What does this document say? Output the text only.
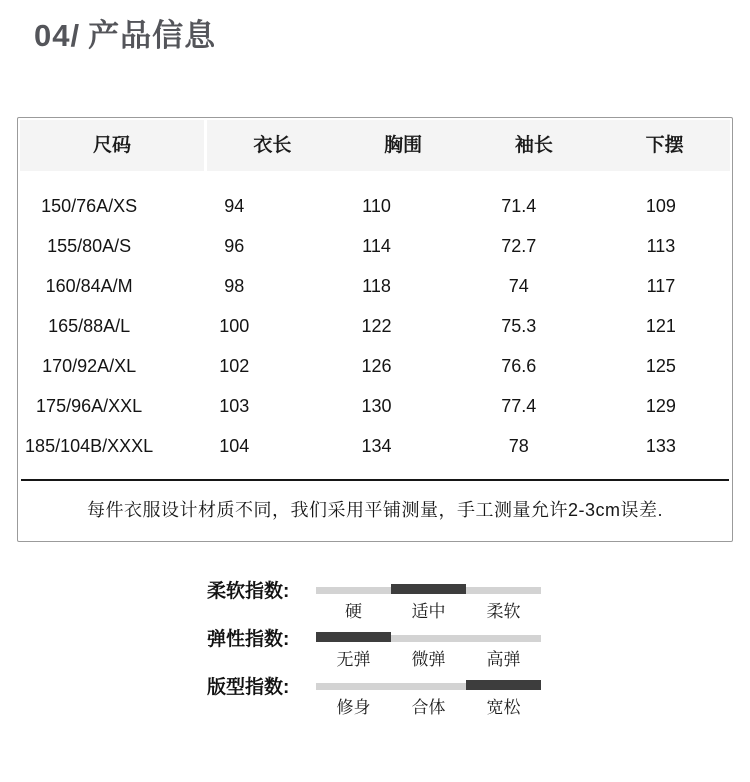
04/ 产品信息
尺码	衣长	胸围	袖长	下摆
150/76A/XS	94	110	71.4	109
155/80A/S	96	114	72.7	113
160/84A/M	98	118	74	117
165/88A/L	100	122	75.3	121
170/92A/XL	102	126	76.6	125
175/96A/XXL	103	130	77.4	129
185/104B/XXXL	104	134	78	133
每件衣服设计材质不同，我们采用平铺测量，手工测量允许2-3cm误差.
柔软指数:
硬	适中	柔软
弹性指数:
无弹	微弹	高弹
版型指数:
修身	合体	宽松
